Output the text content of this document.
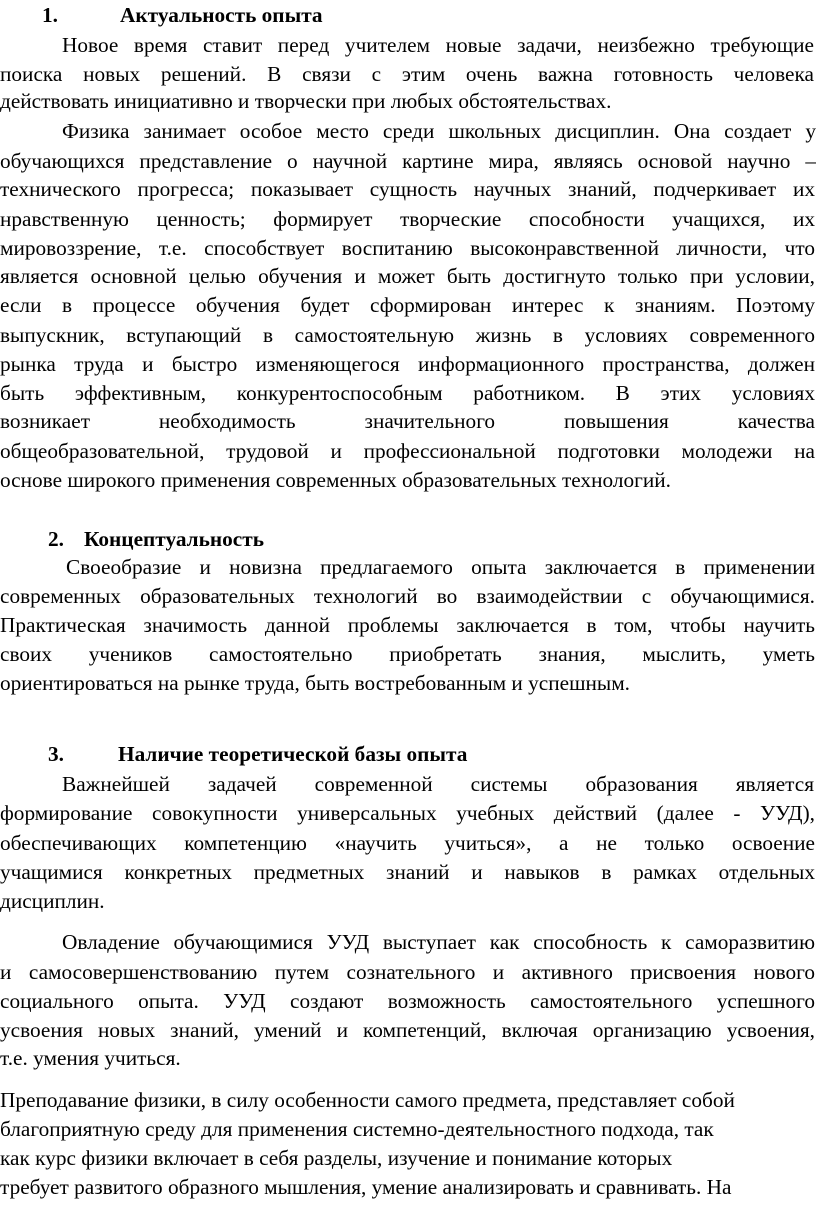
1.	Актуальность опыта
Новое время ставит перед учителем новые задачи, неизбежно требующие
поиска новых решений. В связи с этим очень важна готовность человека
действовать инициативно и творчески при любых обстоятельствах.
Физика занимает особое место среди школьных дисциплин. Она создает у
обучающихся представление о научной картине мира, являясь основой научно –
технического прогресса; показывает сущность научных знаний, подчеркивает их
нравственную ценность; формирует творческие способности учащихся, их
мировоззрение, т.е. способствует воспитанию высоконравственной личности, что
является основной целью обучения и может быть достигнуто только при условии,
если в процессе обучения будет сформирован интерес к знаниям. Поэтому
выпускник, вступающий в самостоятельную жизнь в условиях современного
рынка труда и быстро изменяющегося информационного пространства, должен
быть эффективным, конкурентоспособным работником. В этих условиях
возникает необходимость значительного повышения качества
общеобразовательной, трудовой и профессиональной подготовки молодежи на
основе широкого применения современных образовательных технологий.
2. Концептуальность
Своеобразие и новизна предлагаемого опыта заключается в применении
современных образовательных технологий во взаимодействии с обучающимися.
Практическая значимость данной проблемы заключается в том, чтобы научить
своих учеников самостоятельно приобретать знания, мыслить, уметь
ориентироваться на рынке труда, быть востребованным и успешным.
3.	Наличие теоретической базы опыта
Важнейшей задачей современной системы образования является
формирование совокупности универсальных учебных действий (далее - УУД),
обеспечивающих компетенцию «научить учиться», а не только освоение
учащимися конкретных предметных знаний и навыков в рамках отдельных
дисциплин.
Овладение обучающимися УУД выступает как способность к саморазвитию
и самосовершенствованию путем сознательного и активного присвоения нового
социального опыта. УУД создают возможность самостоятельного успешного
усвоения новых знаний, умений и компетенций, включая организацию усвоения,
т.е. умения учиться.
Преподавание физики, в силу особенности самого предмета, представляет собой
благоприятную среду для применения системно-деятельностного подхода, так
как курс физики включает в себя разделы, изучение и понимание которых
требует развитого образного мышления, умение анализировать и сравнивать. На
